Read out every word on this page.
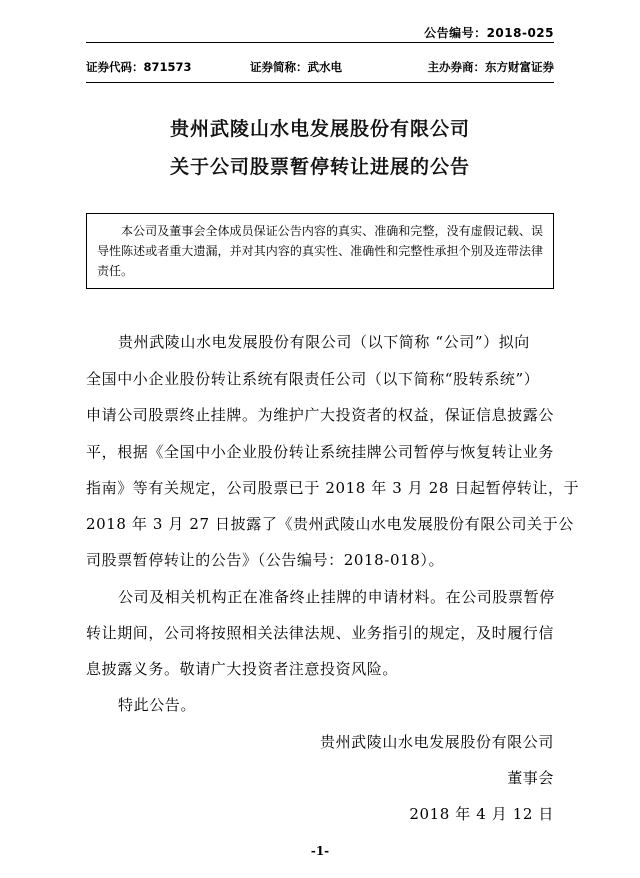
公告编号：2018-025
证券代码：871573	证券简称：武水电	主办券商：东方财富证券
贵州武陵山水电发展股份有限公司
关于公司股票暂停转让进展的公告
本公司及董事会全体成员保证公告内容的真实、准确和完整，没有虚假记载、误导性陈述或者重大遗漏，并对其内容的真实性、准确性和完整性承担个别及连带法律责任。
贵州武陵山水电发展股份有限公司（以下简称 “公司”）拟向
全国中小企业股份转让系统有限责任公司（以下简称“股转系统”）
申请公司股票终止挂牌。为维护广大投资者的权益，保证信息披露公
平，根据《全国中小企业股份转让系统挂牌公司暂停与恢复转让业务
指南》等有关规定，公司股票已于 2018 年 3 月 28 日起暂停转让，于
2018 年 3 月 27 日披露了《贵州武陵山水电发展股份有限公司关于公
司股票暂停转让的公告》（公告编号：2018-018）。
公司及相关机构正在准备终止挂牌的申请材料。在公司股票暂停
转让期间，公司将按照相关法律法规、业务指引的规定，及时履行信
息披露义务。敬请广大投资者注意投资风险。
特此公告。
贵州武陵山水电发展股份有限公司
董事会
2018 年 4 月 12 日
-1-
